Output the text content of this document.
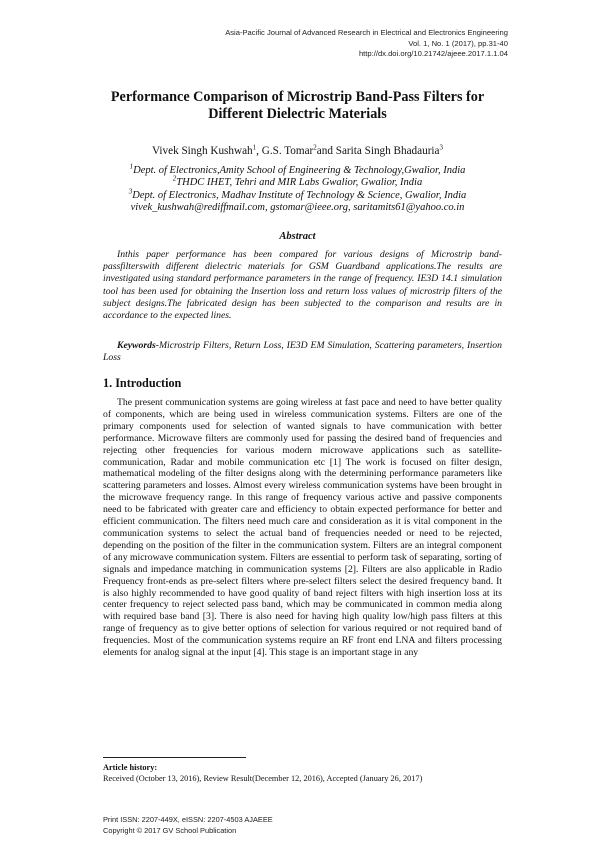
Asia-Pacific Journal of Advanced Research in Electrical and Electronics Engineering
Vol. 1, No. 1 (2017), pp.31-40
http://dx.doi.org/10.21742/ajeee.2017.1.1.04
Performance Comparison of Microstrip Band-Pass Filters for
Different Dielectric Materials
Vivek Singh Kushwah$^1$, G.S. Tomar$^2$and Sarita Singh Bhadauria$^3$
$^1$Dept. of Electronics,Amity School of Engineering & Technology,Gwalior, India
$^2$THDC IHET, Tehri and MIR Labs Gwalior, Gwalior, India
$^3$Dept. of Electronics, Madhav Institute of Technology & Science, Gwalior, India
vivek_kushwah@rediffmail.com, gstomar@ieee.org, saritamits61@yahoo.co.in
Abstract
Inthis paper performance has been compared for various designs of Microstrip band-passfilterswith different dielectric materials for GSM Guardband applications.The results are investigated using standard performance parameters in the range of frequency. IE3D 14.1 simulation tool has been used for obtaining the Insertion loss and return loss values of microstrip filters of the subject designs.The fabricated design has been subjected to the comparison and results are in accordance to the expected lines.
Keywords-Microstrip Filters, Return Loss, IE3D EM Simulation, Scattering parameters, Insertion Loss
1. Introduction
The present communication systems are going wireless at fast pace and need to have better quality of components, which are being used in wireless communication systems. Filters are one of the primary components used for selection of wanted signals to have communication with better performance. Microwave filters are commonly used for passing the desired band of frequencies and rejecting other frequencies for various modern microwave applications such as satellite-communication, Radar and mobile communication etc [1] The work is focused on filter design, mathematical modeling of the filter designs along with the determining performance parameters like scattering parameters and losses. Almost every wireless communication systems have been brought in the microwave frequency range. In this range of frequency various active and passive components need to be fabricated with greater care and efficiency to obtain expected performance for better and efficient communication. The filters need much care and consideration as it is vital component in the communication systems to select the actual band of frequencies needed or need to be rejected, depending on the position of the filter in the communication system. Filters are an integral component of any microwave communication system. Filters are essential to perform task of separating, sorting of signals and impedance matching in communication systems [2]. Filters are also applicable in Radio Frequency front-ends as pre-select filters where pre-select filters select the desired frequency band. It is also highly recommended to have good quality of band reject filters with high insertion loss at its center frequency to reject selected pass band, which may be communicated in common media along with required base band [3]. There is also need for having high quality low/high pass filters at this range of frequency as to give better options of selection for various required or not required band of frequencies. Most of the communication systems require an RF front end LNA and filters processing elements for analog signal at the input [4]. This stage is an important stage in any
Article history:
Received (October 13, 2016), Review Result(December 12, 2016), Accepted (January 26, 2017)
Print ISSN: 2207-449X, eISSN: 2207-4503 AJAEEE
Copyright © 2017 GV School Publication
